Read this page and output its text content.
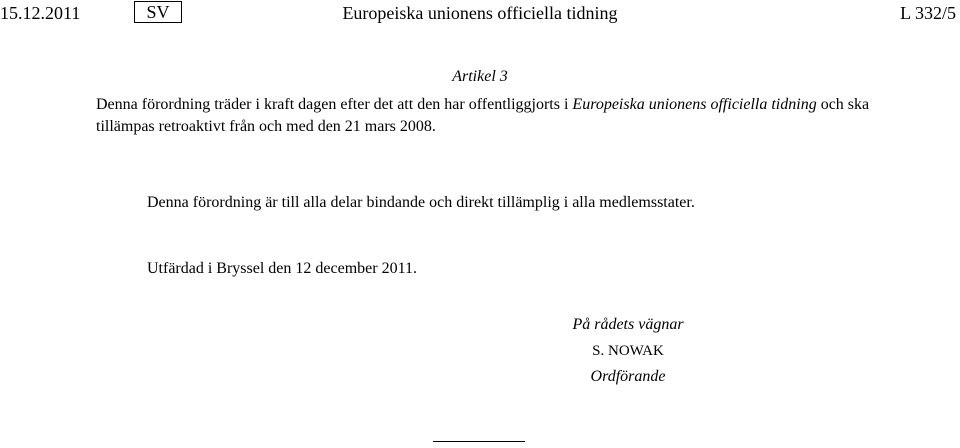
15.12.2011	SV	Europeiska unionens officiella tidning	L 332/5
Artikel 3
Denna förordning träder i kraft dagen efter det att den har offentliggjorts i Europeiska unionens officiella tidning och ska tillämpas retroaktivt från och med den 21 mars 2008.
Denna förordning är till alla delar bindande och direkt tillämplig i alla medlemsstater.
Utfärdad i Bryssel den 12 december 2011.
På rådets vägnar
S. NOWAK
Ordförande
